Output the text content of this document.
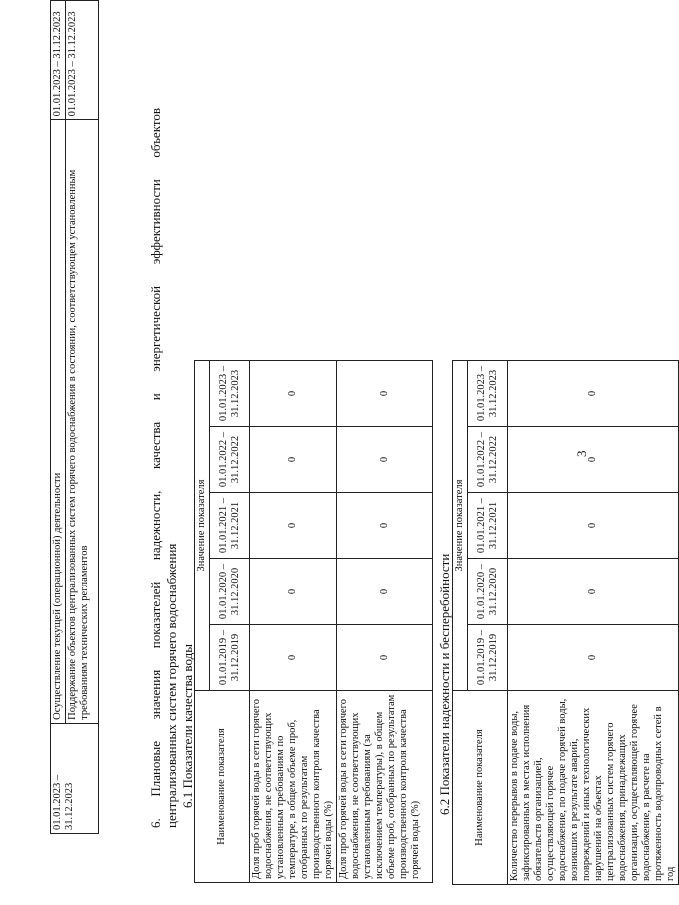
3
01.01.2023 –
31.12.2023	Осуществление текущей (операционной) деятельности	01.01.2023 – 31.12.2023
	Поддержание объектов централизованных систем горячего водоснабжения в состоянии, соответствующем установленным требованиям технических регламентов	01.01.2023 – 31.12.2023
6. Плановые значения показателей надежности, качества и энергетической эффективности объектов централизованных систем горячего водоснабжения 6.1 Показатели качества воды Наименование показателя	Значение показателя				
	01.01.2019 –
31.12.2019	01.01.2020 –
31.12.2020	01.01.2021 –
31.12.2021	01.01.2022 –
31.12.2022	01.01.2023 –
31.12.2023
Доля проб горячей воды в сети горячего водоснабжения, не соответствующих установленным требованиям по температуре, в общем объеме проб, отобранных по результатам производственного контроля качества горячей воды (%)	0	0	0	0	0
Доля проб горячей воды в сети горячего водоснабжения, не соответствующих установленным требованиям (за исключением температуры), в общем объеме проб, отобранных по результатам производственного контроля качества горячей воды (%)	0	0	0	0	0
6.2 Показатели надежности и бесперебойности Наименование показателя	Значение показателя				
	01.01.2019 –
31.12.2019	01.01.2020 –
31.12.2020	01.01.2021 –
31.12.2021	01.01.2022 –
31.12.2022	01.01.2023 –
31.12.2023
Количество перерывов в подаче воды, зафиксированных в местах исполнения обязательств организацией, осуществляющей горячее водоснабжение, по подаче горячей воды, возникших в результате аварий, повреждений и иных технологических нарушений на объектах централизованных систем горячего водоснабжения, принадлежащих организации, осуществляющей горячее водоснабжение, в расчете на протяженность водопроводных сетей в год	0	0	0	0	0
